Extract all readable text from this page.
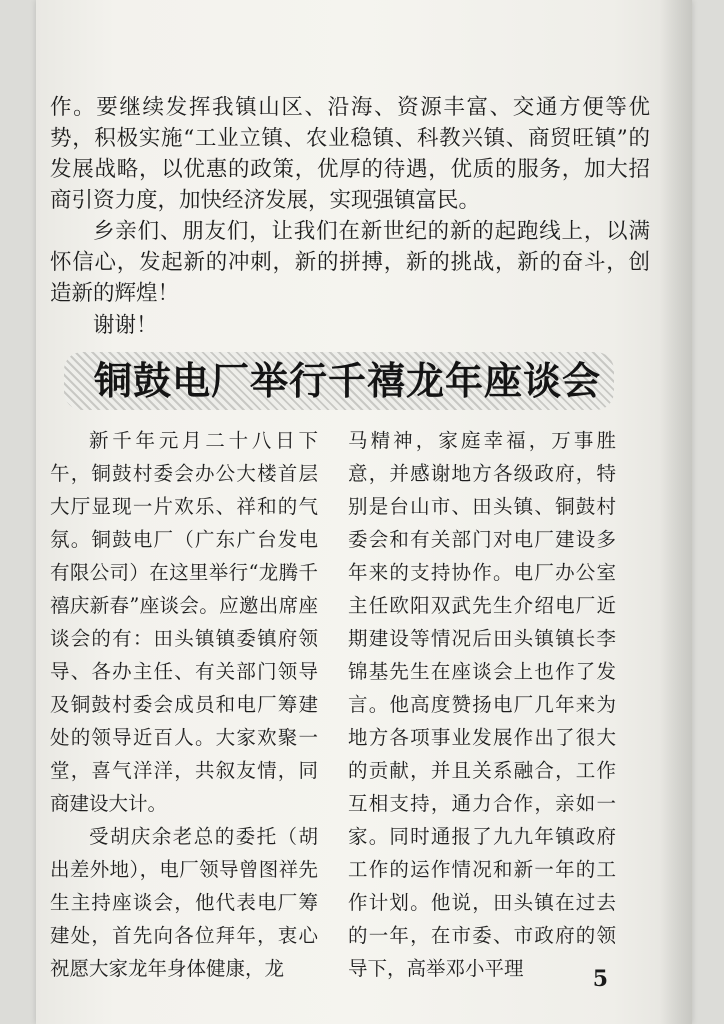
作。要继续发挥我镇山区、沿海、资源丰富、交通方便等优势，积极实施“工业立镇、农业稳镇、科教兴镇、商贸旺镇”的发展战略，以优惠的政策，优厚的待遇，优质的服务，加大招商引资力度，加快经济发展，实现强镇富民。

乡亲们、朋友们，让我们在新世纪的新的起跑线上，以满怀信心，发起新的冲刺，新的拼搏，新的挑战，新的奋斗，创造新的辉煌！

谢谢！

铜鼓电厂举行千禧龙年座谈会

新千年元月二十八日下午，铜鼓村委会办公大楼首层大厅显现一片欢乐、祥和的气氛。铜鼓电厂（广东广台发电有限公司）在这里举行“龙腾千禧庆新春”座谈会。应邀出席座谈会的有：田头镇镇委镇府领导、各办主任、有关部门领导及铜鼓村委会成员和电厂筹建处的领导近百人。大家欢聚一堂，喜气洋洋，共叙友情，同商建设大计。

受胡庆余老总的委托（胡出差外地），电厂领导曾图祥先生主持座谈会，他代表电厂筹建处，首先向各位拜年，衷心祝愿大家龙年身体健康，龙

马精神，家庭幸福，万事胜意，并感谢地方各级政府，特别是台山市、田头镇、铜鼓村委会和有关部门对电厂建设多年来的支持协作。电厂办公室主任欧阳双武先生介绍电厂近期建设等情况后田头镇镇长李锦基先生在座谈会上也作了发言。他高度赞扬电厂几年来为地方各项事业发展作出了很大的贡献，并且关系融合，工作互相支持，通力合作，亲如一家。同时通报了九九年镇政府工作的运作情况和新一年的工作计划。他说，田头镇在过去的一年，在市委、市政府的领导下，高举邓小平理	5
